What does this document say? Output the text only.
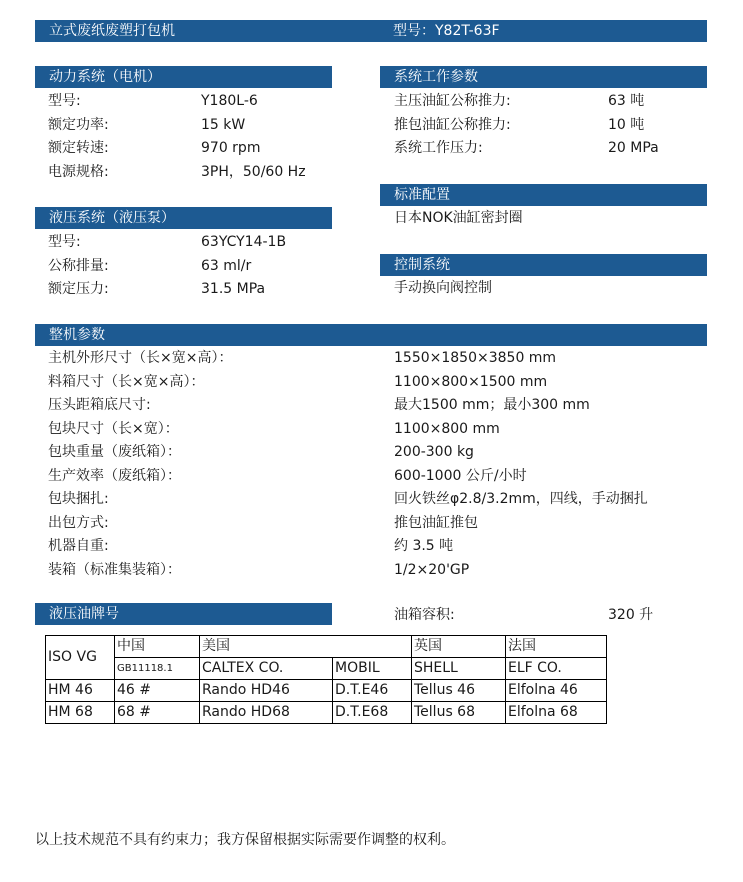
立式废纸废塑打包机	型号：Y82T-63F
动力系统（电机）
型号:	Y180L-6
额定功率:	15 kW
额定转速:	970 rpm
电源规格:	3PH，50/60 Hz
系统工作参数
主压油缸公称推力:	63 吨
推包油缸公称推力:	10 吨
系统工作压力:	20 MPa
标准配置
日本NOK油缸密封圈
液压系统（液压泵）
型号:	63YCY14-1B
公称排量:	63 ml/r
额定压力:	31.5 MPa
控制系统
手动换向阀控制
整机参数
主机外形尺寸（长×宽×高）：	1550×1850×3850 mm
料箱尺寸（长×宽×高）：	1100×800×1500 mm
压头距箱底尺寸:	最大1500 mm；最小300 mm
包块尺寸（长×宽）：	1100×800 mm
包块重量（废纸箱）：	200-300 kg
生产效率（废纸箱）：	600-1000 公斤/小时
包块捆扎:	回火铁丝φ2.8/3.2mm，四线，手动捆扎
出包方式:	推包油缸推包
机器自重:	约 3.5 吨
装箱（标准集装箱）：	1/2×20'GP
液压油牌号	油箱容积:	320 升
ISO VG	中国	美国		英国	法国
	GB11118.1	CALTEX CO.	MOBIL	SHELL	ELF CO.
HM 46	46 #	Rando HD46	D.T.E46	Tellus 46	Elfolna 46
HM 68	68 #	Rando HD68	D.T.E68	Tellus 68	Elfolna 68
以上技术规范不具有约束力；我方保留根据实际需要作调整的权利。
